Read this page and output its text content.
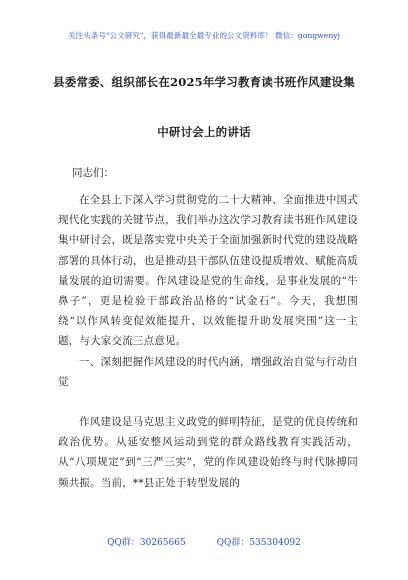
关注头条号"公文研究"，获得最新最全最专业的公文资料库！ 微信：gongwenyj
县委常委、组织部长在2025年学习教育读书班作风建设集
中研讨会上的讲话
同志们：
在全县上下深入学习贯彻党的二十大精神、全面推进中国式现代化实践的关键节点，我们举办这次学习教育读书班作风建设集中研讨会，既是落实党中央关于全面加强新时代党的建设战略部署的具体行动，也是推动县干部队伍建设提质增效、赋能高质量发展的迫切需要。作风建设是党的生命线，是事业发展的“牛鼻子”，更是检验干部政治品格的“试金石”。今天，我想围绕“以作风转变促效能提升、以效能提升助发展突围”这一主题，与大家交流三点意见。
一、深刻把握作风建设的时代内涵，增强政治自觉与行动自觉
作风建设是马克思主义政党的鲜明特征，是党的优良传统和政治优势。从延安整风运动到党的群众路线教育实践活动，从“八项规定”到“三严三实”，党的作风建设始终与时代脉搏同频共振。当前，**县正处于转型发展的
QQ群：30265665	QQ群：535304092
